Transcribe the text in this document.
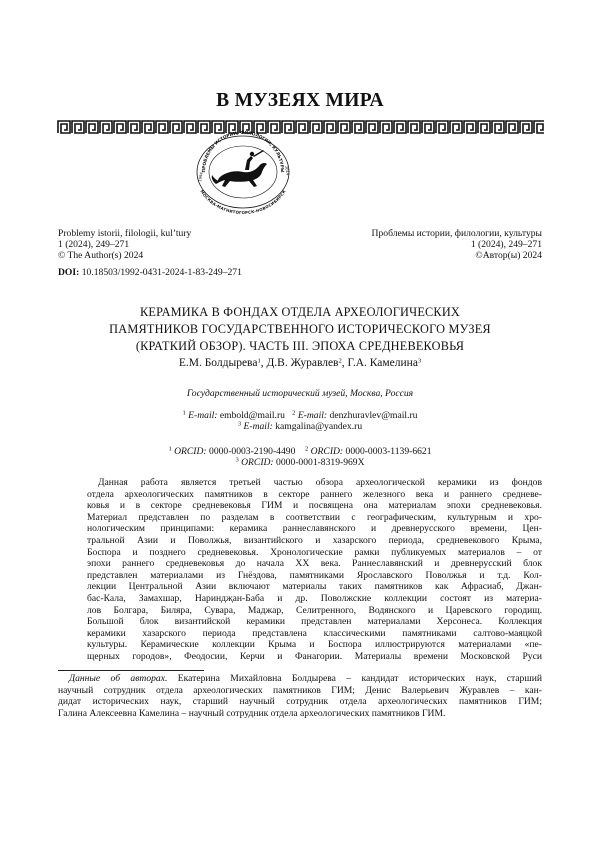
В МУЗЕЯХ МИРА
ПРОБЛЕМЫ ИСТОРИИ, ФИЛОЛОГИИ, КУЛЬТУРЫ
МОСКВА-МАГНИТОГОРСК-НОВОСИБИРСК
1994
2014
Problemy istorii, filologii, kul’tury
1 (2024), 249–271
© The Author(s) 2024
Проблемы истории, филологии, культуры
1 (2024), 249–271
©Автор(ы) 2024
DOI: 10.18503/1992-0431-2024-1-83-249–271
КЕРАМИКА В ФОНДАХ ОТДЕЛА АРХЕОЛОГИЧЕСКИХ
ПАМЯТНИКОВ ГОСУДАРСТВЕННОГО ИСТОРИЧЕСКОГО МУЗЕЯ
(КРАТКИЙ ОБЗОР). ЧАСТЬ III. ЭПОХА СРЕДНЕВЕКОВЬЯ
Е.М. Болдырева1, Д.В. Журавлев2, Г.А. Камелина3
Государственный исторический музей, Москва, Россия
1 E-mail: embold@mail.ru 2 E-mail: denzhuravlev@mail.ru
3 E-mail: kamgalina@yandex.ru
1 ORCID: 0000-0003-2190-4490 2 ORCID: 0000-0003-1139-6621
3 ORCID: 0000-0001-8319-969X
Данная работа является третьей частью обзора археологической керамики из фондов
отдела археологических памятников в секторе раннего железного века и раннего средневе-
ковья и в секторе средневековья ГИМ и посвящена она материалам эпохи средневековья.
Материал представлен по разделам в соответствии с географическим, культурным и хро-
нологическим принципами: керамика раннеславянского и древнерусского времени, Цен-
тральной Азии и Поволжья, византийского и хазарского периода, средневекового Крыма,
Боспора и позднего средневековья. Хронологические рамки публикуемых материалов – от
эпохи раннего средневековья до начала XX века. Раннеславянский и древнерусский блок
представлен материалами из Гнёздова, памятниками Ярославского Поволжья и т.д. Кол-
лекции Центральной Азии включают материалы таких памятников как Афрасиаб, Джан-
бас-Кала, Замахшар, Нариндҗан-Баба и др. Поволжские коллекции состоят из материа-
лов Болгара, Биляра, Сувара, Маджар, Селитренного, Водянского и Царевского городищ.
Большой блок византийской керамики представлен материалами Херсонеса. Коллекция
керамики хазарского периода представлена классическими памятниками салтово-маяцкой
культуры. Керамические коллекции Крыма и Боспора иллюстрируются материалами «пе-
щерных городов», Феодосии, Керчи и Фанагории. Материалы времени Московской Руси
Данные об авторах. Екатерина Михайловна Болдырева – кандидат исторических наук, старший
научный сотрудник отдела археологических памятников ГИМ; Денис Валерьевич Журавлев – кан-
дидат исторических наук, старший научный сотрудник отдела археологических памятников ГИМ;
Галина Алексеевна Камелина – научный сотрудник отдела археологических памятников ГИМ.
